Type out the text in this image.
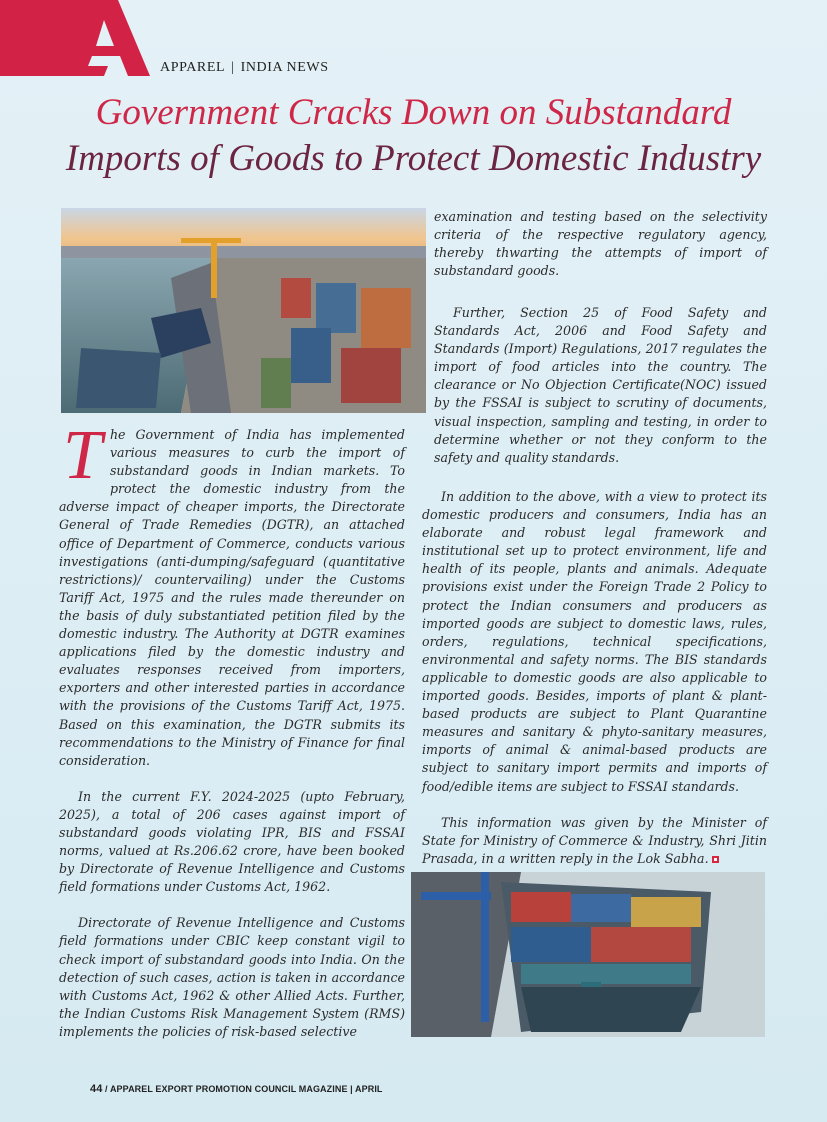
APPAREL | INDIA NEWS
Government Cracks Down on Substandard
Imports of Goods to Protect Domestic Industry

The Government of India has implemented various measures to curb the import of substandard goods in Indian markets. To protect the domestic industry from the adverse impact of cheaper imports, the Directorate General of Trade Remedies (DGTR), an attached office of Department of Commerce, conducts various investigations (anti-dumping/safeguard (quantitative restrictions)/ countervailing) under the Customs Tariff Act, 1975 and the rules made thereunder on the basis of duly substantiated petition filed by the domestic industry. The Authority at DGTR examines applications filed by the domestic industry and evaluates responses received from importers, exporters and other interested parties in accordance with the provisions of the Customs Tariff Act, 1975. Based on this examination, the DGTR submits its recommendations to the Ministry of Finance for final consideration.

In the current F.Y. 2024-2025 (upto February, 2025), a total of 206 cases against import of substandard goods violating IPR, BIS and FSSAI norms, valued at Rs.206.62 crore, have been booked by Directorate of Revenue Intelligence and Customs field formations under Customs Act, 1962.

Directorate of Revenue Intelligence and Customs field formations under CBIC keep constant vigil to check import of substandard goods into India. On the detection of such cases, action is taken in accordance with Customs Act, 1962 & other Allied Acts. Further, the Indian Customs Risk Management System (RMS) implements the policies of risk-based selective

examination and testing based on the selectivity criteria of the respective regulatory agency, thereby thwarting the attempts of import of substandard goods.

Further, Section 25 of Food Safety and Standards Act, 2006 and Food Safety and Standards (Import) Regulations, 2017 regulates the import of food articles into the country. The clearance or No Objection Certificate(NOC) issued by the FSSAI is subject to scrutiny of documents, visual inspection, sampling and testing, in order to determine whether or not they conform to the safety and quality standards.

In addition to the above, with a view to protect its domestic producers and consumers, India has an elaborate and robust legal framework and institutional set up to protect environment, life and health of its people, plants and animals. Adequate provisions exist under the Foreign Trade 2 Policy to protect the Indian consumers and producers as imported goods are subject to domestic laws, rules, orders, regulations, technical specifications, environmental and safety norms. The BIS standards applicable to domestic goods are also applicable to imported goods. Besides, imports of plant & plant-based products are subject to Plant Quarantine measures and sanitary & phyto-sanitary measures, imports of animal & animal-based products are subject to sanitary import permits and imports of food/edible items are subject to FSSAI standards.

This information was given by the Minister of State for Ministry of Commerce & Industry, Shri Jitin Prasada, in a written reply in the Lok Sabha.

44 / APPAREL EXPORT PROMOTION COUNCIL MAGAZINE | APRIL
